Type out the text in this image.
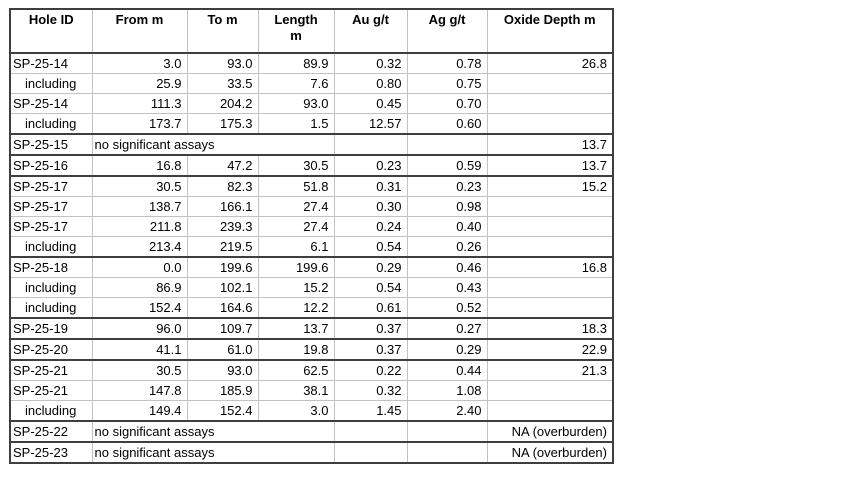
Hole ID	From m	To m	Length m	Au g/t	Ag g/t	Oxide Depth m
SP-25-14	3.0	93.0	89.9	0.32	0.78	26.8
including	25.9	33.5	7.6	0.80	0.75	
SP-25-14	111.3	204.2	93.0	0.45	0.70	
including	173.7	175.3	1.5	12.57	0.60	
SP-25-15	no significant assays					13.7
SP-25-16	16.8	47.2	30.5	0.23	0.59	13.7
SP-25-17	30.5	82.3	51.8	0.31	0.23	15.2
SP-25-17	138.7	166.1	27.4	0.30	0.98	
SP-25-17	211.8	239.3	27.4	0.24	0.40	
including	213.4	219.5	6.1	0.54	0.26	
SP-25-18	0.0	199.6	199.6	0.29	0.46	16.8
including	86.9	102.1	15.2	0.54	0.43	
including	152.4	164.6	12.2	0.61	0.52	
SP-25-19	96.0	109.7	13.7	0.37	0.27	18.3
SP-25-20	41.1	61.0	19.8	0.37	0.29	22.9
SP-25-21	30.5	93.0	62.5	0.22	0.44	21.3
SP-25-21	147.8	185.9	38.1	0.32	1.08	
including	149.4	152.4	3.0	1.45	2.40	
SP-25-22	no significant assays					NA (overburden)
SP-25-23	no significant assays					NA (overburden)
